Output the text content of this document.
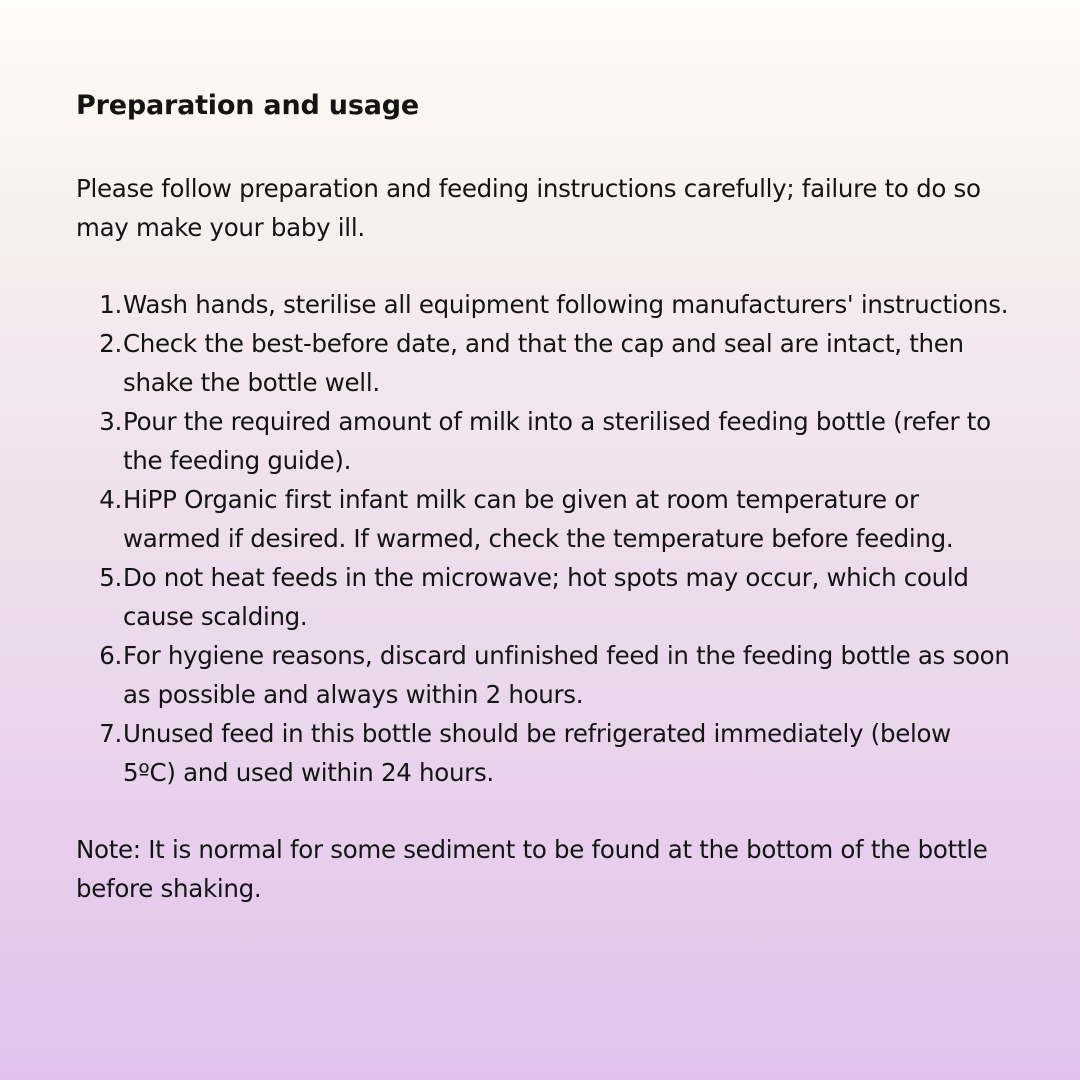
Preparation and usage

Please follow preparation and feeding instructions carefully; failure to do so may make your baby ill.

1. Wash hands, sterilise all equipment following manufacturers' instructions.
2. Check the best-before date, and that the cap and seal are intact, then shake the bottle well.
3. Pour the required amount of milk into a sterilised feeding bottle (refer to the feeding guide).
4. HiPP Organic first infant milk can be given at room temperature or warmed if desired. If warmed, check the temperature before feeding.
5. Do not heat feeds in the microwave; hot spots may occur, which could cause scalding.
6. For hygiene reasons, discard unfinished feed in the feeding bottle as soon as possible and always within 2 hours.
7. Unused feed in this bottle should be refrigerated immediately (below 5ºC) and used within 24 hours.

Note: It is normal for some sediment to be found at the bottom of the bottle before shaking.
